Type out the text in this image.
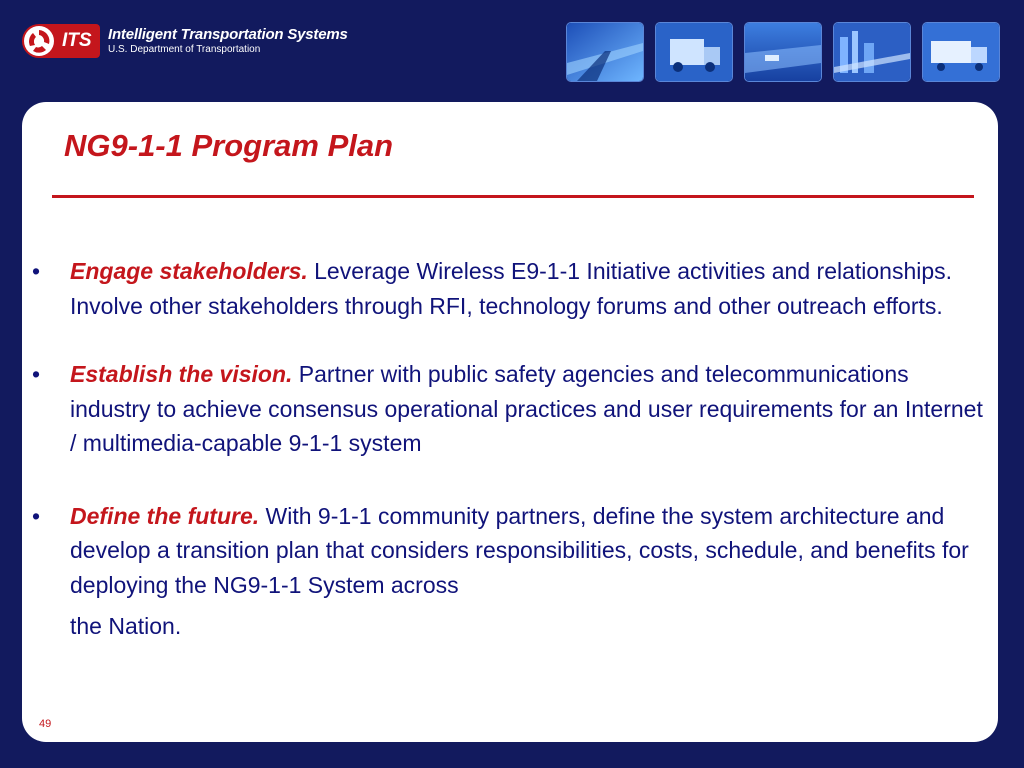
ITS Intelligent Transportation Systems
U.S. Department of Transportation
NG9-1-1 Program Plan
• Engage stakeholders. Leverage Wireless E9-1-1 Initiative activities and relationships. Involve other stakeholders through RFI, technology forums and other outreach efforts.
• Establish the vision. Partner with public safety agencies and telecommunications industry to achieve consensus operational practices and user requirements for an Internet / multimedia-capable 9-1-1 system
• Define the future. With 9-1-1 community partners, define the system architecture and develop a transition plan that considers responsibilities, costs, schedule, and benefits for deploying the NG9-1-1 System across
the Nation.
49
